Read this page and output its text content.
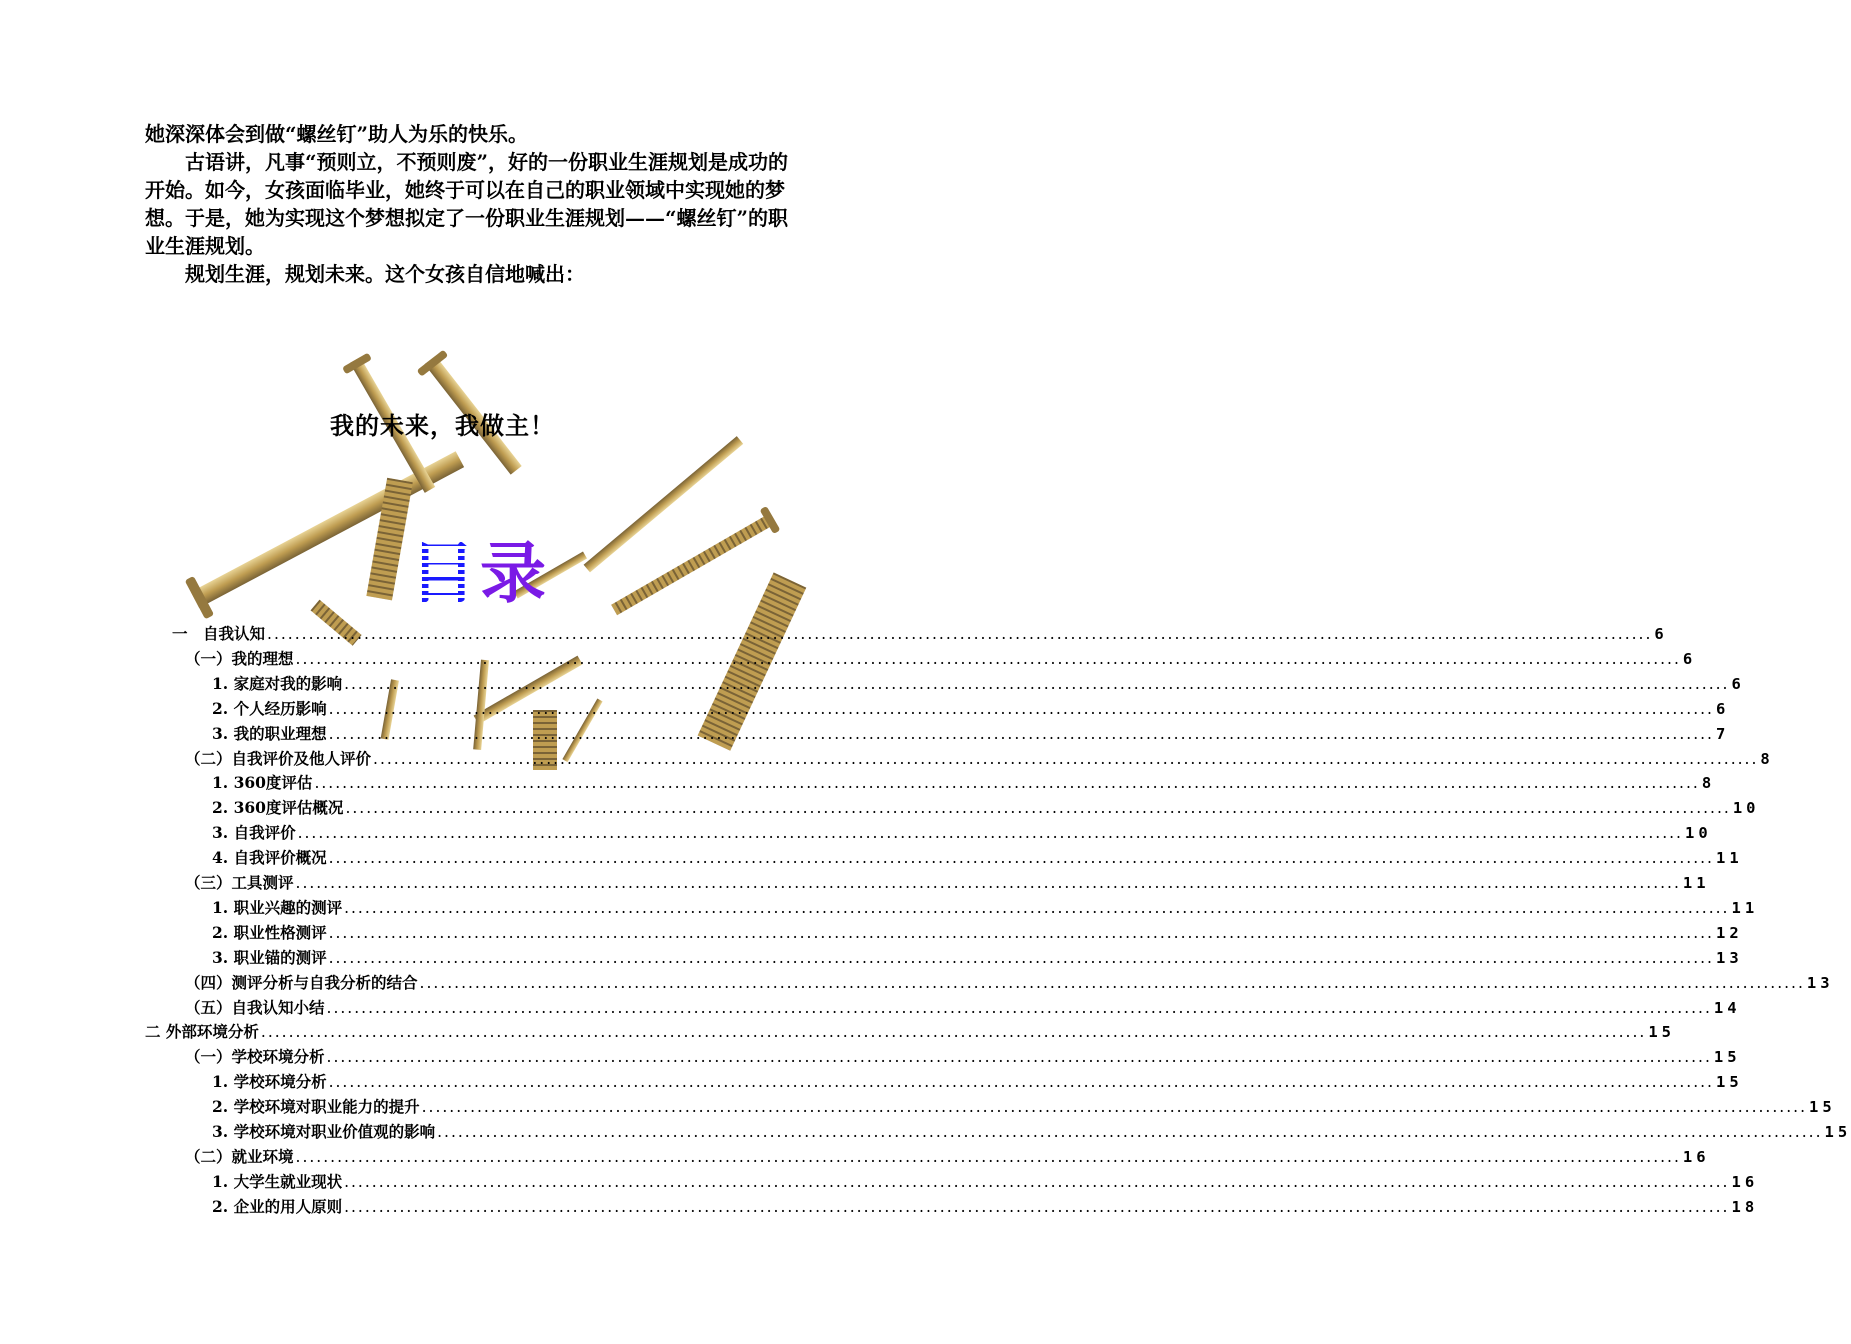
她深深体会到做“螺丝钉”助人为乐的快乐。

古语讲，凡事“预则立，不预则废”，好的一份职业生涯规划是成功的开始。如今，女孩面临毕业，她终于可以在自己的职业领域中实现她的梦想。于是，她为实现这个梦想拟定了一份职业生涯规划——“螺丝钉”的职业生涯规划。

规划生涯，规划未来。这个女孩自信地喊出：

我的未来，我做主！
目录
一　自我认知 ........................................................................................................................................................................................................ 6
（一）我的理想 ........................................................................................................................................................................................................ 6
1. 家庭对我的影响 ........................................................................................................................................................................................................ 6
2. 个人经历影响 ........................................................................................................................................................................................................ 6
3. 我的职业理想 ........................................................................................................................................................................................................ 7
（二）自我评价及他人评价 ........................................................................................................................................................................................................ 8
1. 360度评估 ........................................................................................................................................................................................................ 8
2. 360度评估概况 ........................................................................................................................................................................................................ 10
3. 自我评价 ........................................................................................................................................................................................................ 10
4. 自我评价概况 ........................................................................................................................................................................................................ 11
（三）工具测评 ........................................................................................................................................................................................................ 11
1. 职业兴趣的测评 ........................................................................................................................................................................................................ 11
2. 职业性格测评 ........................................................................................................................................................................................................ 12
3. 职业锚的测评 ........................................................................................................................................................................................................ 13
（四）测评分析与自我分析的结合 ........................................................................................................................................................................................................ 13
（五）自我认知小结 ........................................................................................................................................................................................................ 14
二 外部环境分析 ........................................................................................................................................................................................................ 15
（一）学校环境分析 ........................................................................................................................................................................................................ 15
1. 学校环境分析 ........................................................................................................................................................................................................ 15
2. 学校环境对职业能力的提升 ........................................................................................................................................................................................................ 15
3. 学校环境对职业价值观的影响 ........................................................................................................................................................................................................ 15
（二）就业环境 ........................................................................................................................................................................................................ 16
1. 大学生就业现状 ........................................................................................................................................................................................................ 16
2. 企业的用人原则 ........................................................................................................................................................................................................ 18
